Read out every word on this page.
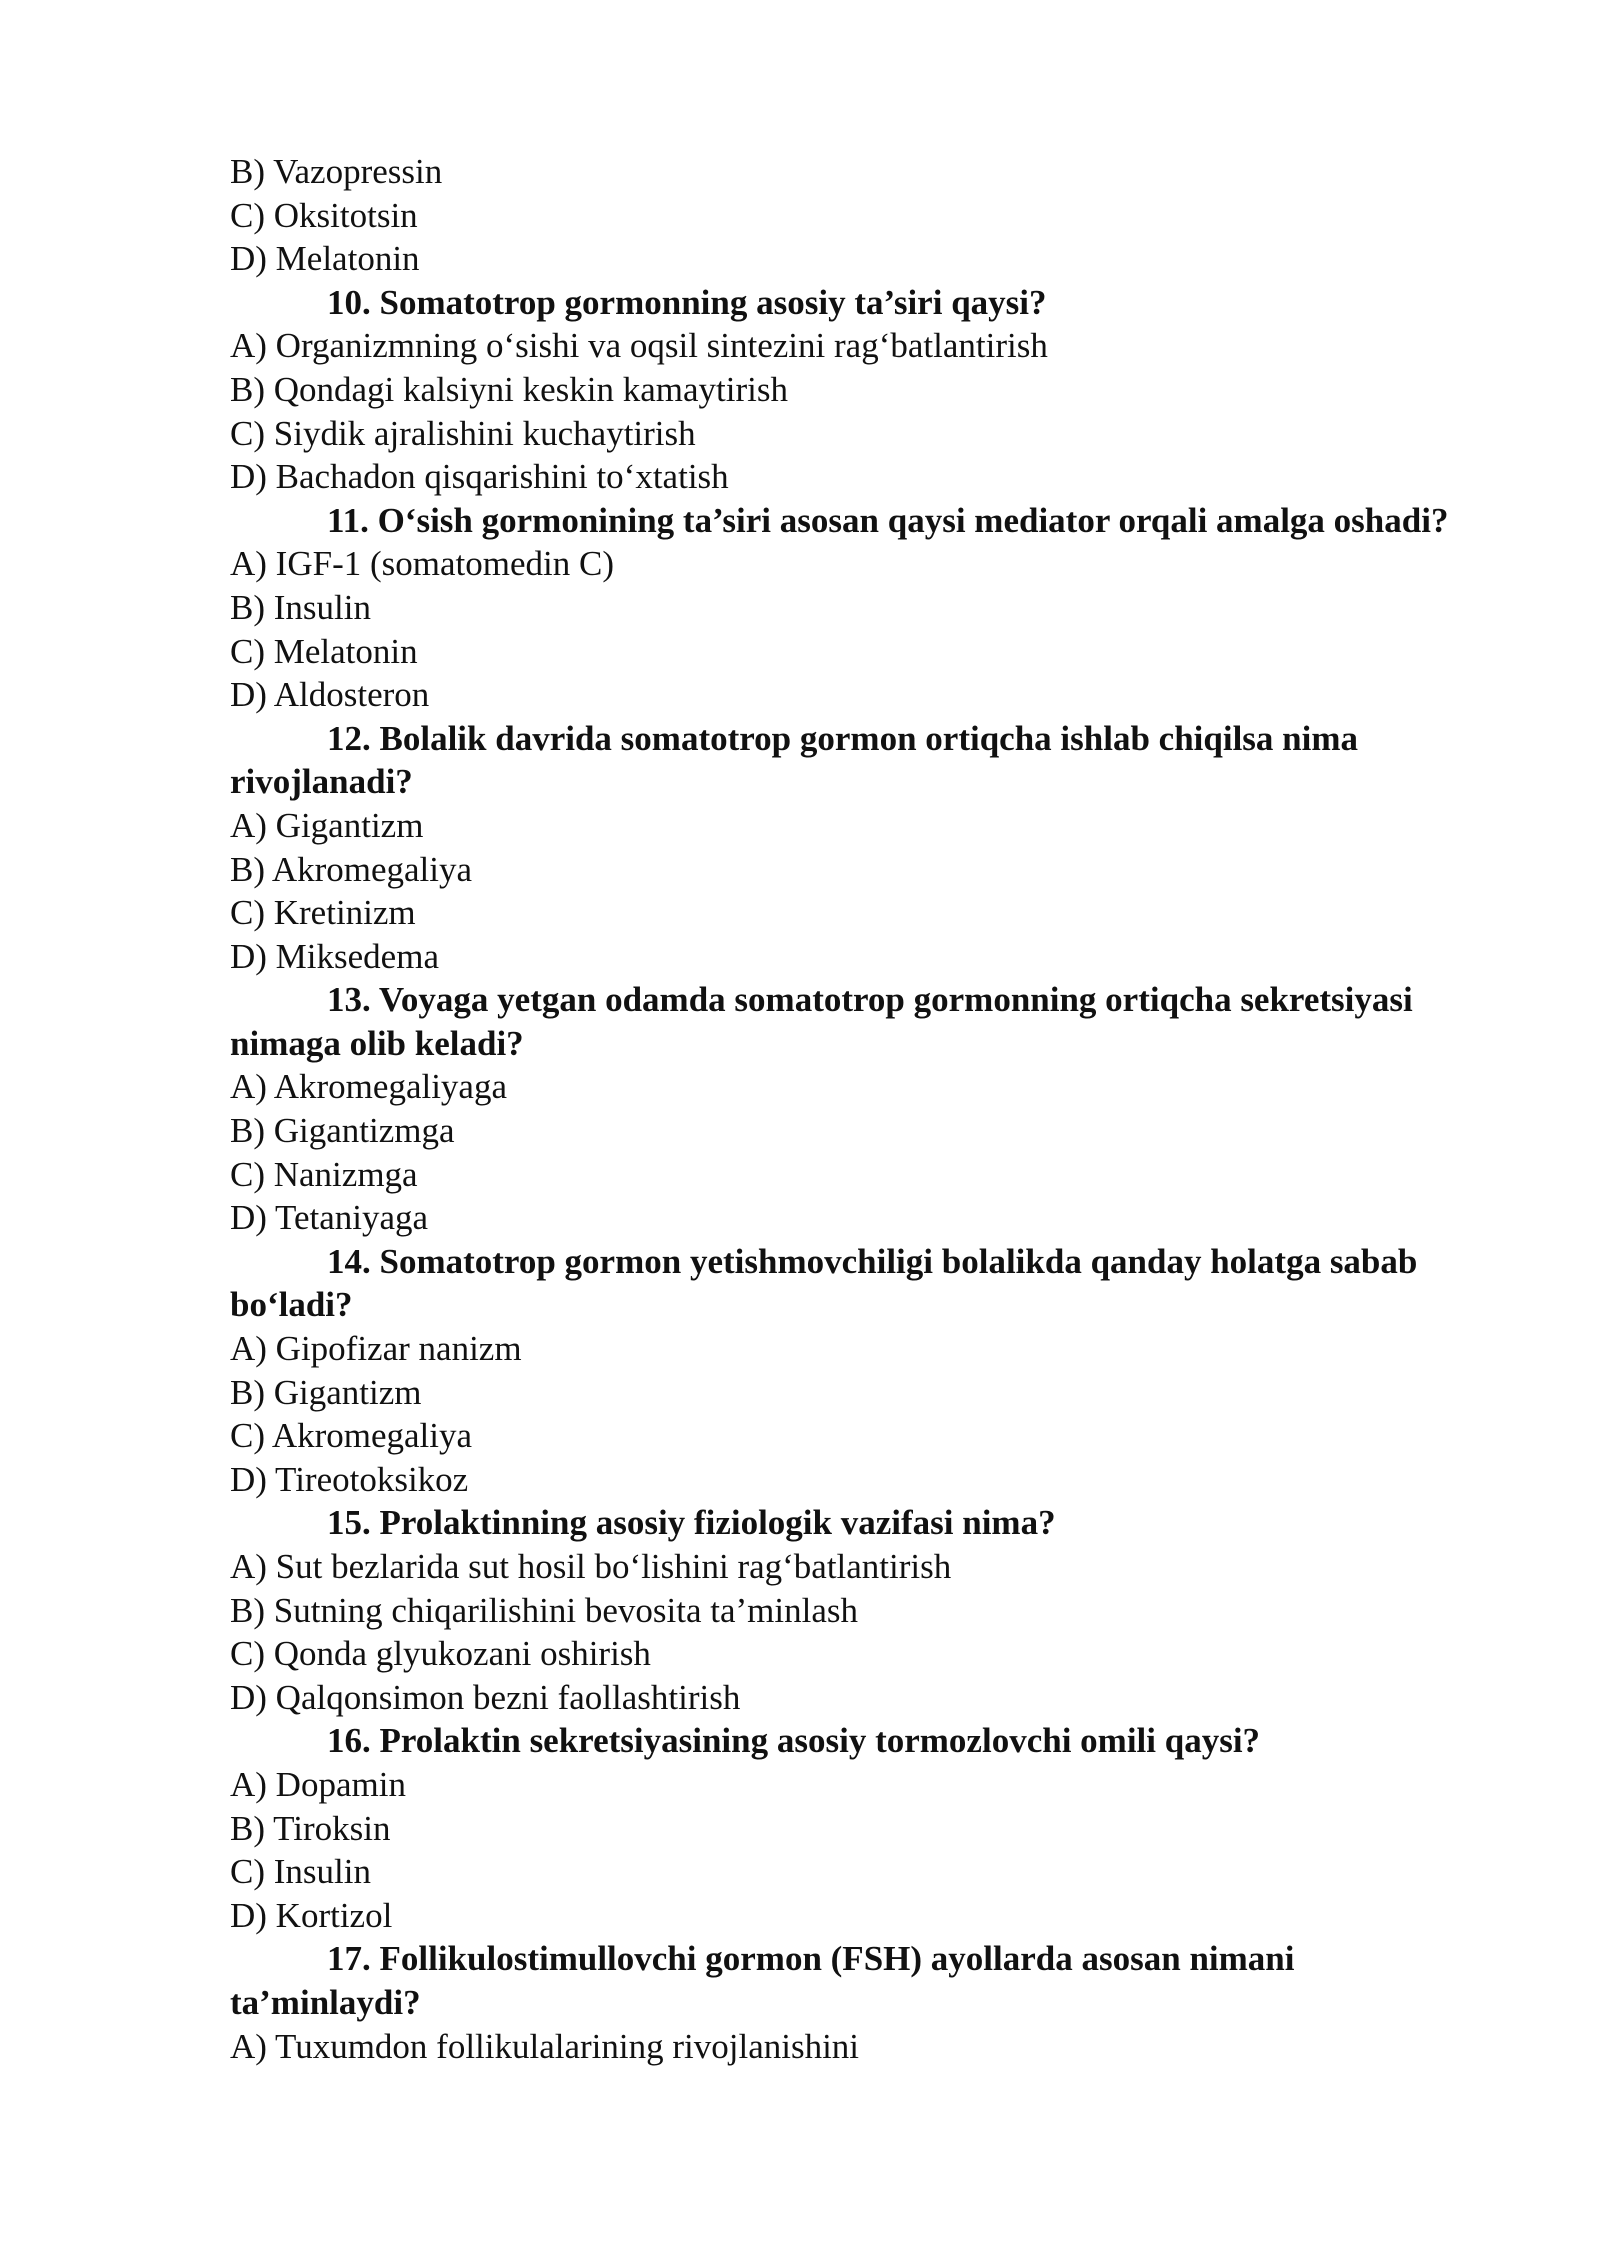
B) Vazopressin

C) Oksitotsin

D) Melatonin

10. Somatotrop gormonning asosiy ta’siri qaysi?

A) Organizmning o‘sishi va oqsil sintezini rag‘batlantirish

B) Qondagi kalsiyni keskin kamaytirish

C) Siydik ajralishini kuchaytirish

D) Bachadon qisqarishini to‘xtatish

11. O‘sish gormonining ta’siri asosan qaysi mediator orqali amalga oshadi?

A) IGF-1 (somatomedin C)

B) Insulin

C) Melatonin

D) Aldosteron

12. Bolalik davrida somatotrop gormon ortiqcha ishlab chiqilsa nima rivojlanadi?

A) Gigantizm

B) Akromegaliya

C) Kretinizm

D) Miksedema

13. Voyaga yetgan odamda somatotrop gormonning ortiqcha sekretsiyasi nimaga olib keladi?

A) Akromegaliyaga

B) Gigantizmga

C) Nanizmga

D) Tetaniyaga

14. Somatotrop gormon yetishmovchiligi bolalikda qanday holatga sabab bo‘ladi?

A) Gipofizar nanizm

B) Gigantizm

C) Akromegaliya

D) Tireotoksikoz

15. Prolaktinning asosiy fiziologik vazifasi nima?

A) Sut bezlarida sut hosil bo‘lishini rag‘batlantirish

B) Sutning chiqarilishini bevosita ta’minlash

C) Qonda glyukozani oshirish

D) Qalqonsimon bezni faollashtirish

16. Prolaktin sekretsiyasining asosiy tormozlovchi omili qaysi?

A) Dopamin

B) Tiroksin

C) Insulin

D) Kortizol

17. Follikulostimullovchi gormon (FSH) ayollarda asosan nimani ta’minlaydi?

A) Tuxumdon follikulalarining rivojlanishini
